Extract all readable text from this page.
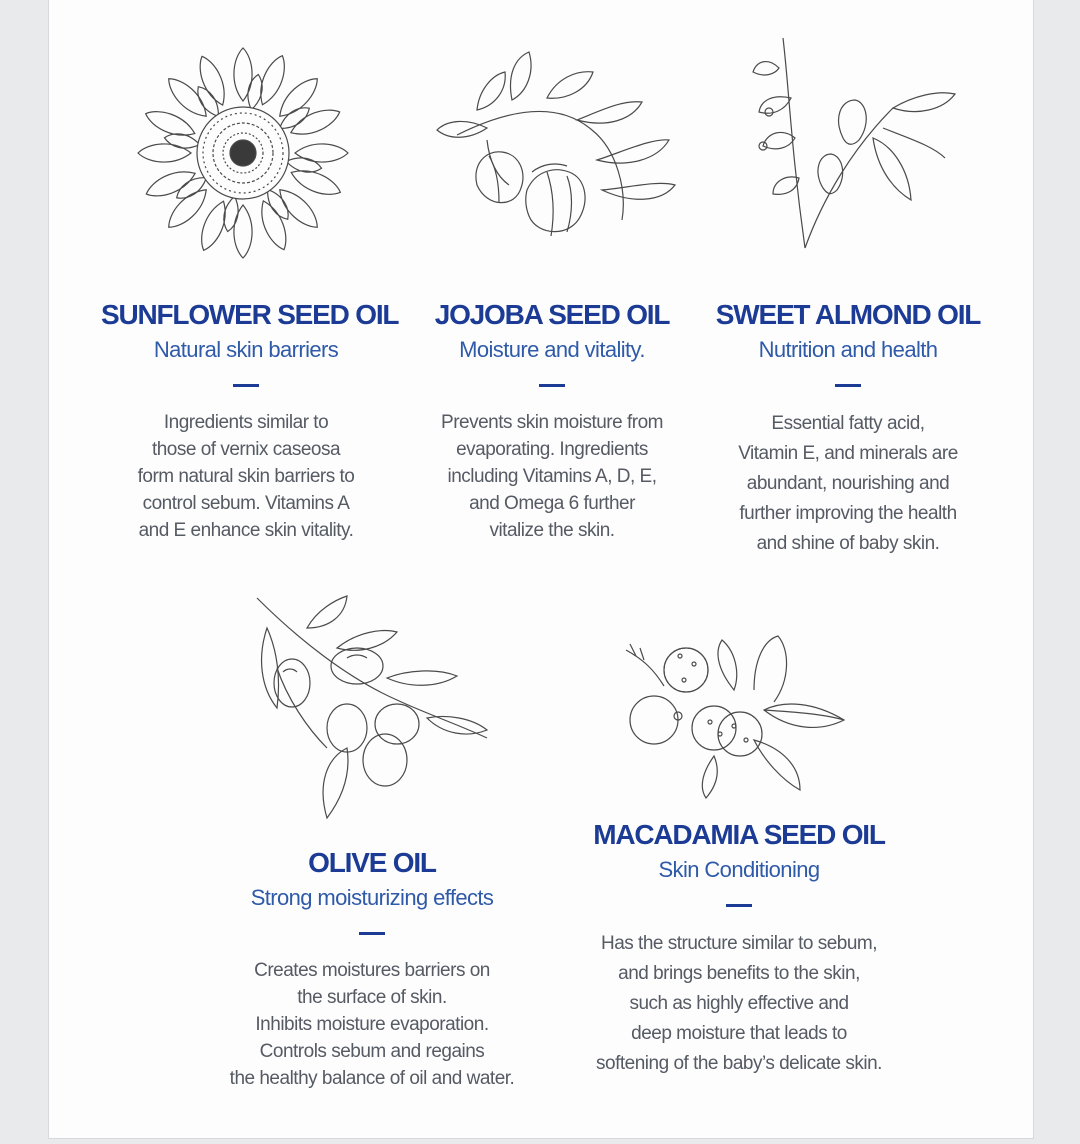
SUNFLOWER SEED OIL
Natural skin barriers
Ingredients similar to
those of vernix caseosa
form natural skin barriers to
control sebum. Vitamins A
and E enhance skin vitality.
JOJOBA SEED OIL
Moisture and vitality.
Prevents skin moisture from
evaporating. Ingredients
including Vitamins A, D, E,
and Omega 6 further
vitalize the skin.
SWEET ALMOND OIL
Nutrition and health
Essential fatty acid,
Vitamin E, and minerals are
abundant, nourishing and
further improving the health
and shine of baby skin.
OLIVE OIL
Strong moisturizing effects
Creates moistures barriers on
the surface of skin.
Inhibits moisture evaporation.
Controls sebum and regains
the healthy balance of oil and water.
MACADAMIA SEED OIL
Skin Conditioning
Has the structure similar to sebum,
and brings benefits to the skin,
such as highly effective and
deep moisture that leads to
softening of the baby’s delicate skin.
